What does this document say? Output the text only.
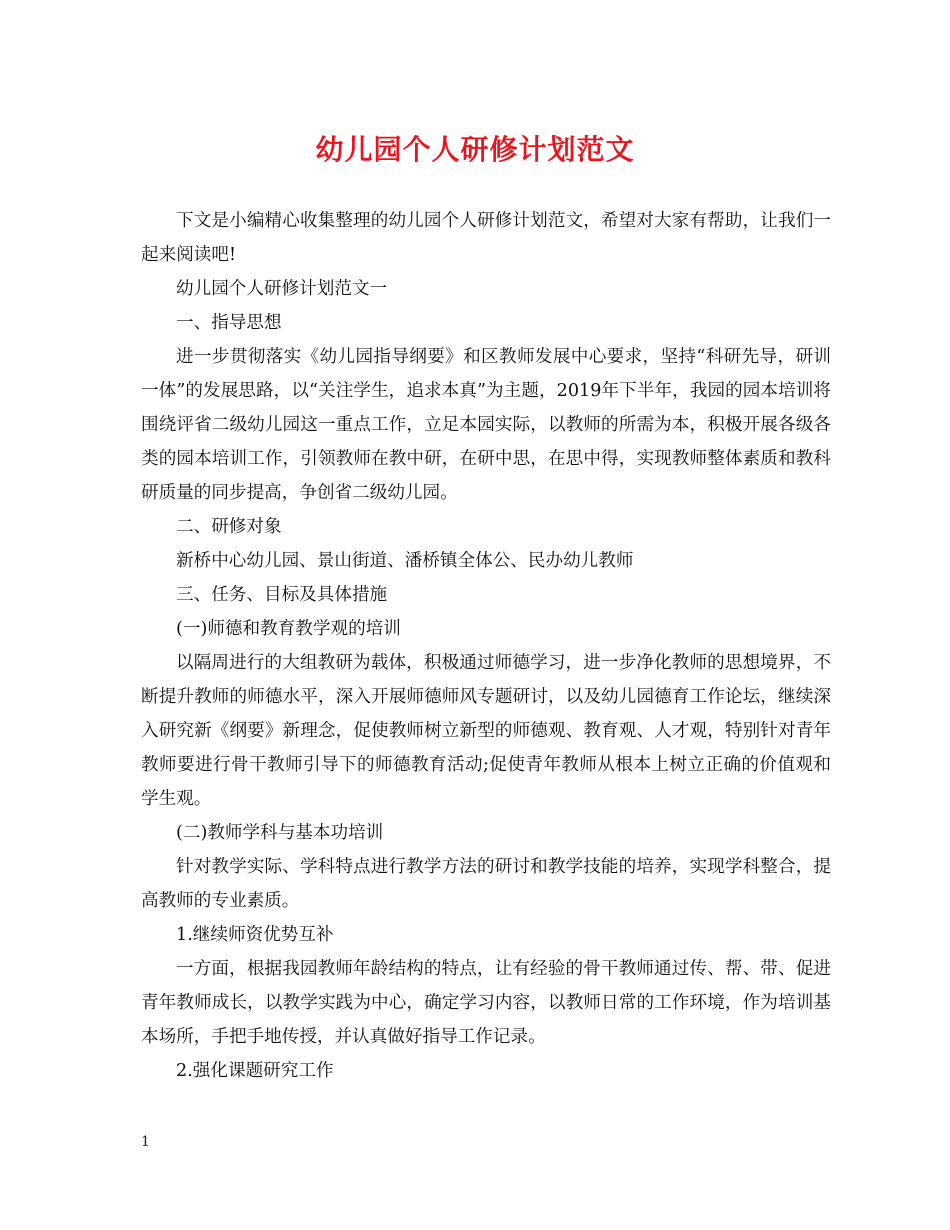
幼儿园个人研修计划范文

下文是小编精心收集整理的幼儿园个人研修计划范文，希望对大家有帮助，让我们一起来阅读吧!

幼儿园个人研修计划范文一

一、指导思想

进一步贯彻落实《幼儿园指导纲要》和区教师发展中心要求，坚持“科研先导，研训一体”的发展思路，以“关注学生，追求本真”为主题，2019年下半年，我园的园本培训将围绕评省二级幼儿园这一重点工作，立足本园实际，以教师的所需为本，积极开展各级各类的园本培训工作，引领教师在教中研，在研中思，在思中得，实现教师整体素质和教科研质量的同步提高，争创省二级幼儿园。

二、研修对象

新桥中心幼儿园、景山街道、潘桥镇全体公、民办幼儿教师

三、任务、目标及具体措施

(一)师德和教育教学观的培训

以隔周进行的大组教研为载体，积极通过师德学习，进一步净化教师的思想境界，不断提升教师的师德水平，深入开展师德师风专题研讨，以及幼儿园德育工作论坛，继续深入研究新《纲要》新理念，促使教师树立新型的师德观、教育观、人才观，特别针对青年教师要进行骨干教师引导下的师德教育活动;促使青年教师从根本上树立正确的价值观和学生观。

(二)教师学科与基本功培训

针对教学实际、学科特点进行教学方法的研讨和教学技能的培养，实现学科整合，提高教师的专业素质。

1.继续师资优势互补

一方面，根据我园教师年龄结构的特点，让有经验的骨干教师通过传、帮、带、促进青年教师成长，以教学实践为中心，确定学习内容，以教师日常的工作环境，作为培训基本场所，手把手地传授，并认真做好指导工作记录。

2.强化课题研究工作

1
